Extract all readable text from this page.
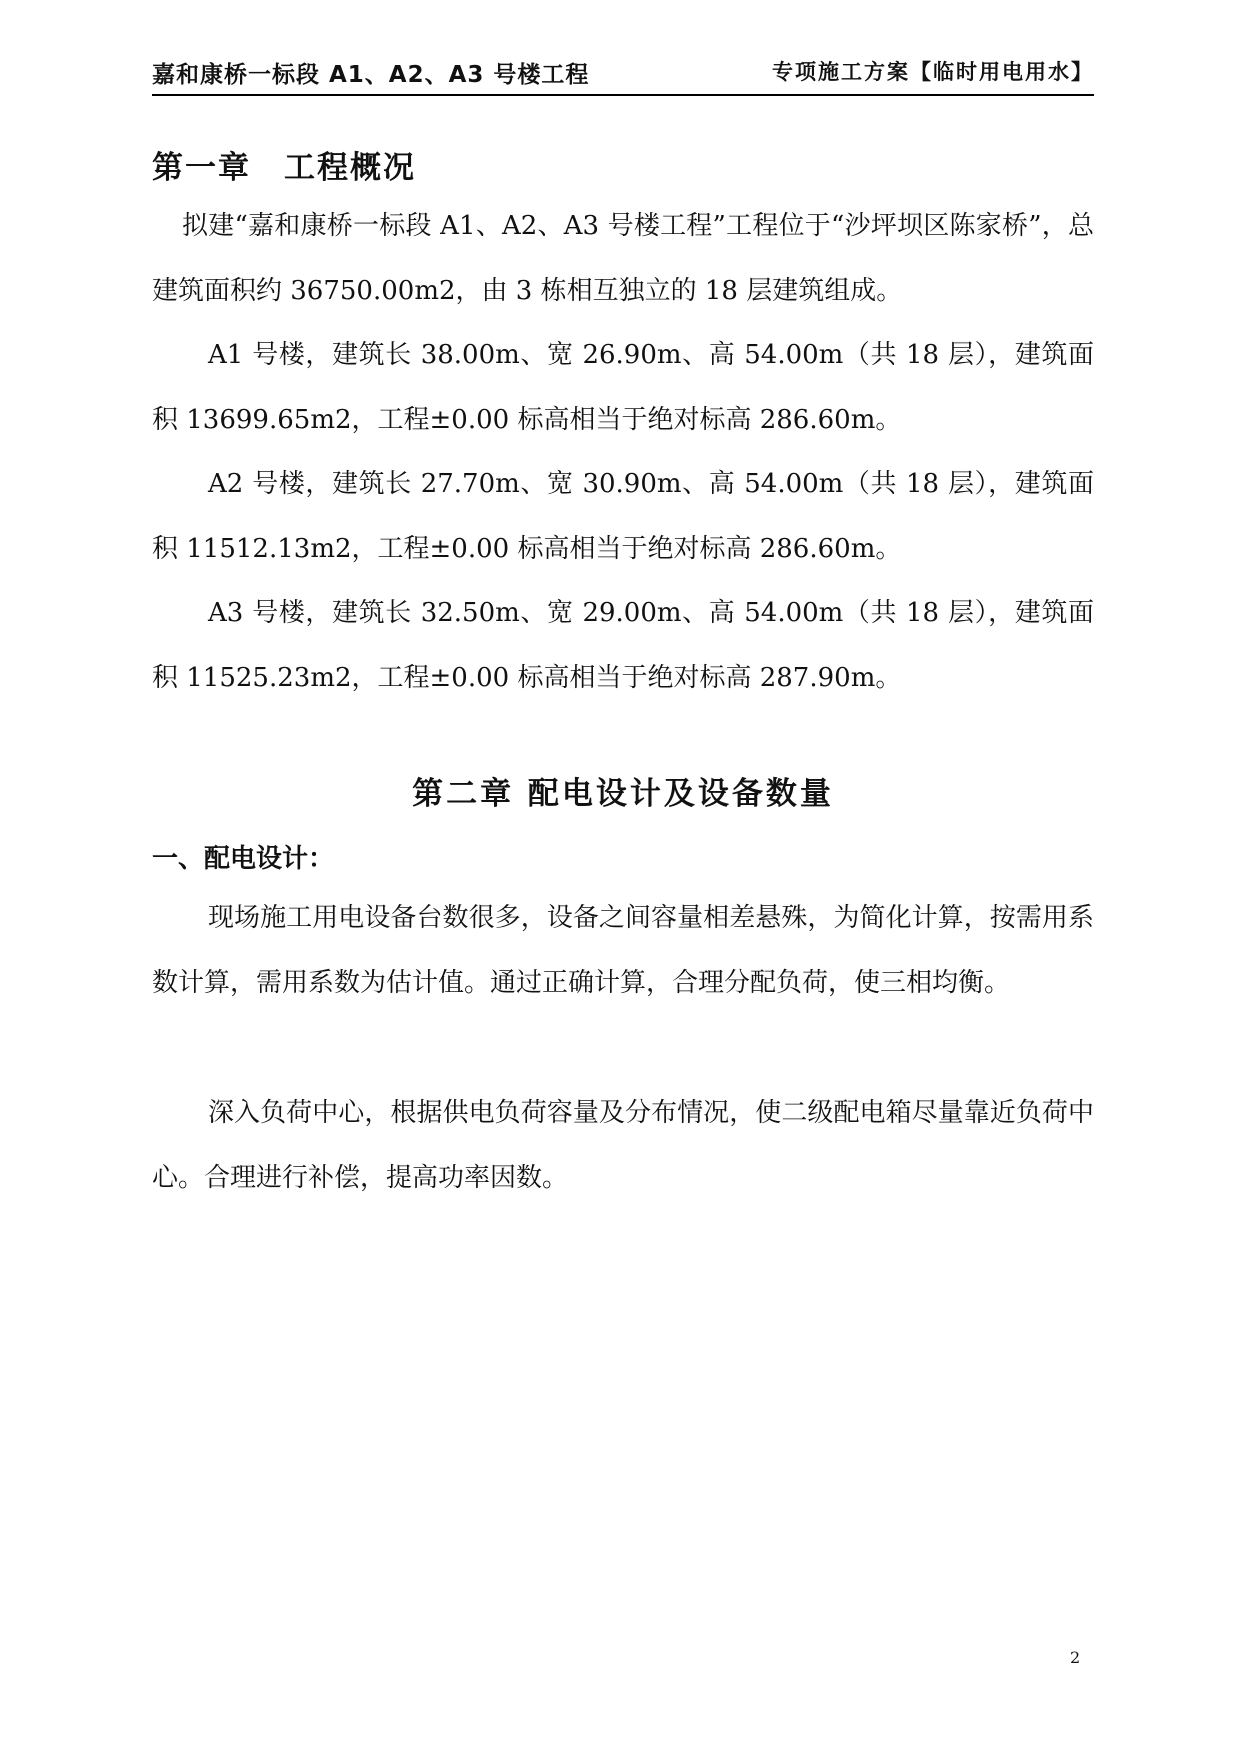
嘉和康桥一标段 A1、A2、A3 号楼工程	专项施工方案【临时用电用水】
第一章　工程概况

拟建“嘉和康桥一标段 A1、A2、A3 号楼工程”工程位于“沙坪坝区陈家桥”，总建筑面积约 36750.00m2，由 3 栋相互独立的 18 层建筑组成。

A1 号楼，建筑长 38.00m、宽 26.90m、高 54.00m（共 18 层），建筑面积 13699.65m2，工程±0.00 标高相当于绝对标高 286.60m。

A2 号楼，建筑长 27.70m、宽 30.90m、高 54.00m（共 18 层），建筑面积 11512.13m2，工程±0.00 标高相当于绝对标高 286.60m。

A3 号楼，建筑长 32.50m、宽 29.00m、高 54.00m（共 18 层），建筑面积 11525.23m2，工程±0.00 标高相当于绝对标高 287.90m。

第二章 配电设计及设备数量
一、配电设计：

现场施工用电设备台数很多，设备之间容量相差悬殊，为简化计算，按需用系数计算，需用系数为估计值。通过正确计算，合理分配负荷，使三相均衡。

深入负荷中心，根据供电负荷容量及分布情况，使二级配电箱尽量靠近负荷中心。合理进行补偿，提高功率因数。

2
